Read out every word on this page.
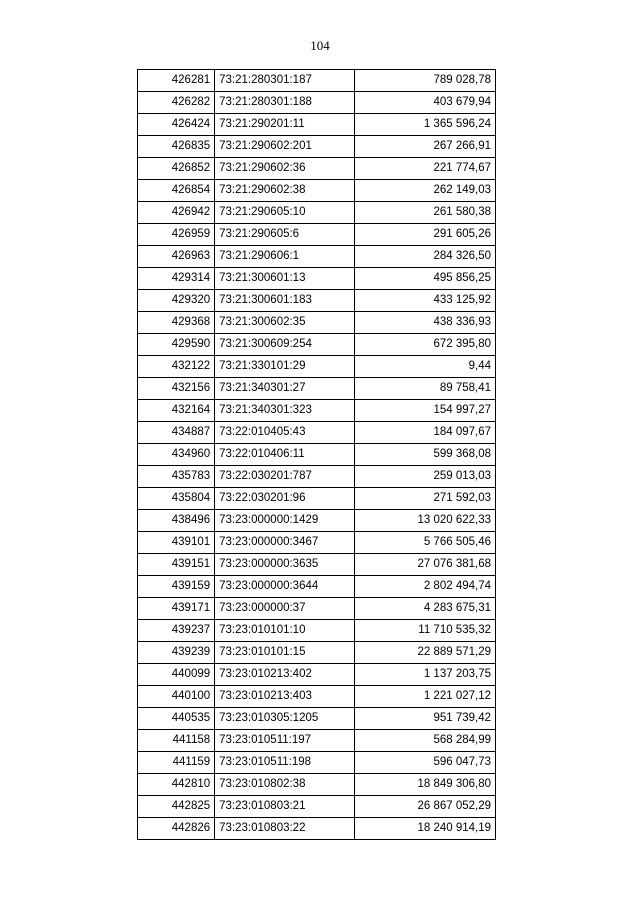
104
426281	73:21:280301:187	789 028,78
426282	73:21:280301:188	403 679,94
426424	73:21:290201:11	1 365 596,24
426835	73:21:290602:201	267 266,91
426852	73:21:290602:36	221 774,67
426854	73:21:290602:38	262 149,03
426942	73:21:290605:10	261 580,38
426959	73:21:290605:6	291 605,26
426963	73:21:290606:1	284 326,50
429314	73:21:300601:13	495 856,25
429320	73:21:300601:183	433 125,92
429368	73:21:300602:35	438 336,93
429590	73:21:300609:254	672 395,80
432122	73:21:330101:29	9,44
432156	73:21:340301:27	89 758,41
432164	73:21:340301:323	154 997,27
434887	73:22:010405:43	184 097,67
434960	73:22:010406:11	599 368,08
435783	73:22:030201:787	259 013,03
435804	73:22:030201:96	271 592,03
438496	73:23:000000:1429	13 020 622,33
439101	73:23:000000:3467	5 766 505,46
439151	73:23:000000:3635	27 076 381,68
439159	73:23:000000:3644	2 802 494,74
439171	73:23:000000:37	4 283 675,31
439237	73:23:010101:10	11 710 535,32
439239	73:23:010101:15	22 889 571,29
440099	73:23:010213:402	1 137 203,75
440100	73:23:010213:403	1 221 027,12
440535	73:23:010305:1205	951 739,42
441158	73:23:010511:197	568 284,99
441159	73:23:010511:198	596 047,73
442810	73:23:010802:38	18 849 306,80
442825	73:23:010803:21	26 867 052,29
442826	73:23:010803:22	18 240 914,19
